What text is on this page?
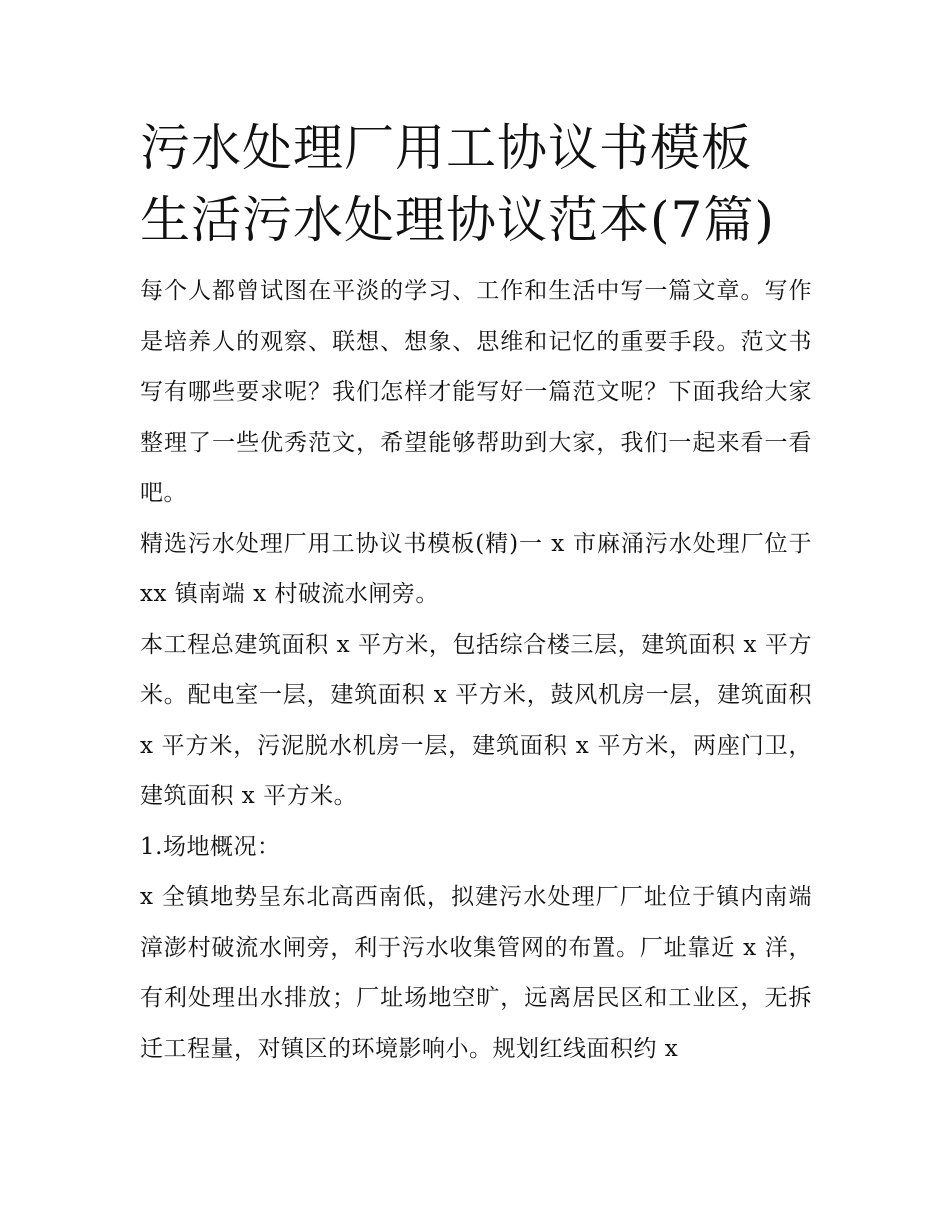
污水处理厂用工协议书模板 生活污水处理协议范本(7篇)

每个人都曾试图在平淡的学习、工作和生活中写一篇文章。写作是培养人的观察、联想、想象、思维和记忆的重要手段。范文书写有哪些要求呢？我们怎样才能写好一篇范文呢？下面我给大家整理了一些优秀范文，希望能够帮助到大家，我们一起来看一看吧。

精选污水处理厂用工协议书模板(精)一 x 市麻涌污水处理厂位于 xx 镇南端 x 村破流水闸旁。

本工程总建筑面积 x 平方米，包括综合楼三层，建筑面积 x 平方米。配电室一层，建筑面积 x 平方米，鼓风机房一层，建筑面积 x 平方米，污泥脱水机房一层，建筑面积 x 平方米，两座门卫，建筑面积 x 平方米。

1.场地概况：

x 全镇地势呈东北高西南低，拟建污水处理厂厂址位于镇内南端漳澎村破流水闸旁，利于污水收集管网的布置。厂址靠近 x 洋，有利处理出水排放；厂址场地空旷，远离居民区和工业区，无拆迁工程量，对镇区的环境影响小。规划红线面积约 x
